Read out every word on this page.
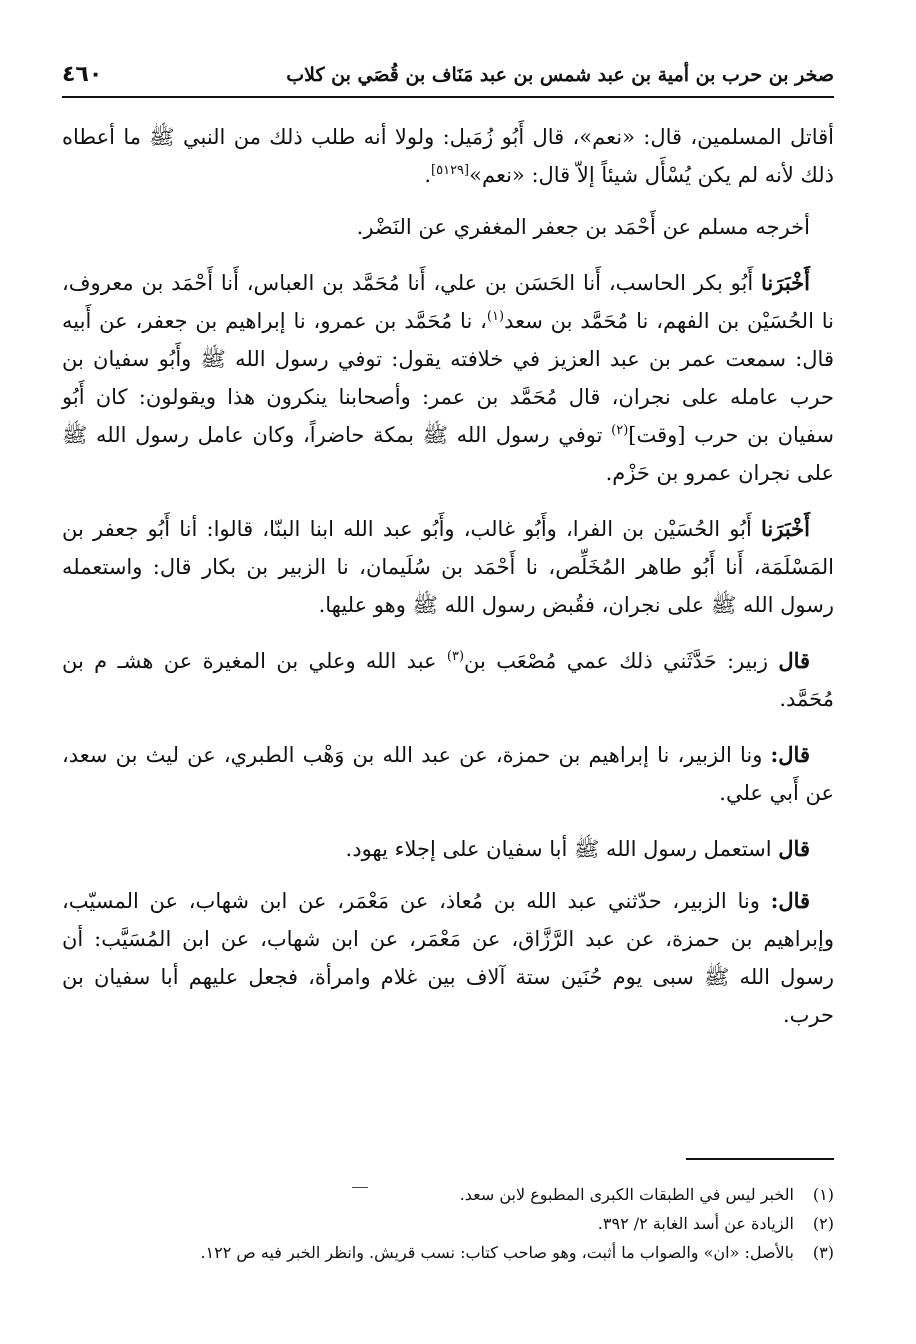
٤٦٠	صخر بن حرب بن أمية بن عبد شمس بن عبد مَنَاف بن قُصَي بن كلاب

أقاتل المسلمين، قال: «نعم»، قال أَبُو زُمَيل: ولولا أنه طلب ذلك من النبي ﷺ ما أعطاه ذلك لأنه لم يكن يُسْأَل شيئاً إلاّ قال: «نعم»[٥١٢٩].

أخرجه مسلم عن أَحْمَد بن جعفر المغفري عن النَضْر.

أَخْبَرَنا أَبُو بكر الحاسب، أَنا الحَسَن بن علي، أَنا مُحَمَّد بن العباس، أَنا أَحْمَد بن معروف، نا الحُسَيْن بن الفهم، نا مُحَمَّد بن سعد$^{(١)}$، نا مُحَمَّد بن عمرو، نا إبراهيم بن جعفر، عن أَبيه قال: سمعت عمر بن عبد العزيز في خلافته يقول: توفي رسول الله ﷺ وأَبُو سفيان بن حرب عامله على نجران، قال مُحَمَّد بن عمر: وأصحابنا ينكرون هذا ويقولون: كان أَبُو سفيان بن حرب [وقت]$^{(٢)}$ توفي رسول الله ﷺ بمكة حاضراً، وكان عامل رسول الله ﷺ على نجران عمرو بن حَزْم.

أَخْبَرَنا أَبُو الحُسَيْن بن الفرا، وأَبُو غالب، وأَبُو عبد الله ابنا البنّا، قالوا: أنا أَبُو جعفر بن المَسْلَمَة، أَنا أَبُو طاهر المُخَلِّص، نا أَحْمَد بن سُلَيمان، نا الزبير بن بكار قال: واستعمله رسول الله ﷺ على نجران، فقُبض رسول الله ﷺ وهو عليها.

قال زبير: حَدَّثَني ذلك عمي مُصْعَب بن$^{(٣)}$ عبد الله وعلي بن المغيرة عن هشـ م بن مُحَمَّد.

قال: ونا الزبير، نا إبراهيم بن حمزة، عن عبد الله بن وَهْب الطبري، عن ليث بن سعد، عن أَبي علي.

قال استعمل رسول الله ﷺ أبا سفيان على إجلاء يهود.

قال: ونا الزبير، حدّثني عبد الله بن مُعاذ، عن مَعْمَر، عن ابن شهاب، عن المسيّب، وإبراهيم بن حمزة، عن عبد الرَّزَّاق، عن مَعْمَر، عن ابن شهاب، عن ابن المُسَيَّب: أن رسول الله ﷺ سبى يوم حُنَين ستة آلاف بين غلام وامرأة، فجعل عليهم أبا سفيان بن حرب.

(١)الخبر ليس في الطبقات الكبرى المطبوع لابن سعد.
(٢)الزيادة عن أسد الغابة ٢/ ٣٩٢.
(٣)بالأصل: «ان» والصواب ما أثبت، وهو صاحب كتاب: نسب قريش. وانظر الخبر فيه ص ١٢٢.
